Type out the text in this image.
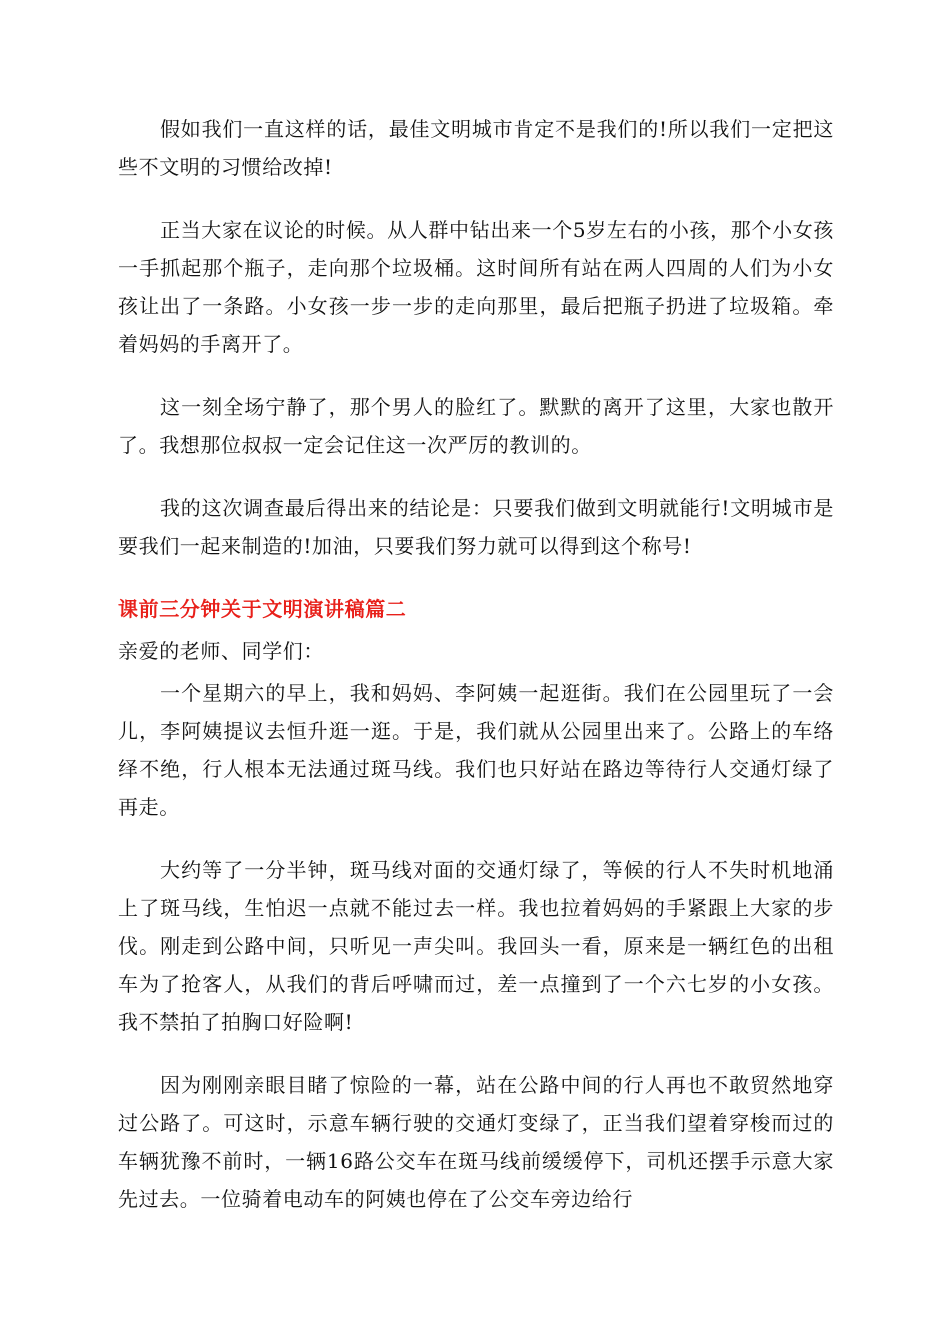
假如我们一直这样的话，最佳文明城市肯定不是我们的!所以我们一定把这些不文明的习惯给改掉!

正当大家在议论的时候。从人群中钻出来一个5岁左右的小孩，那个小女孩一手抓起那个瓶子，走向那个垃圾桶。这时间所有站在两人四周的人们为小女孩让出了一条路。小女孩一步一步的走向那里，最后把瓶子扔进了垃圾箱。牵着妈妈的手离开了。

这一刻全场宁静了，那个男人的脸红了。默默的离开了这里，大家也散开了。我想那位叔叔一定会记住这一次严厉的教训的。

我的这次调查最后得出来的结论是：只要我们做到文明就能行!文明城市是要我们一起来制造的!加油，只要我们努力就可以得到这个称号!

课前三分钟关于文明演讲稿篇二

亲爱的老师、同学们：

一个星期六的早上，我和妈妈、李阿姨一起逛街。我们在公园里玩了一会儿，李阿姨提议去恒升逛一逛。于是，我们就从公园里出来了。公路上的车络绎不绝，行人根本无法通过斑马线。我们也只好站在路边等待行人交通灯绿了再走。

大约等了一分半钟，斑马线对面的交通灯绿了，等候的行人不失时机地涌上了斑马线，生怕迟一点就不能过去一样。我也拉着妈妈的手紧跟上大家的步伐。刚走到公路中间，只听见一声尖叫。我回头一看，原来是一辆红色的出租车为了抢客人，从我们的背后呼啸而过，差一点撞到了一个六七岁的小女孩。我不禁拍了拍胸口好险啊!

因为刚刚亲眼目睹了惊险的一幕，站在公路中间的行人再也不敢贸然地穿过公路了。可这时，示意车辆行驶的交通灯变绿了，正当我们望着穿梭而过的车辆犹豫不前时，一辆16路公交车在斑马线前缓缓停下，司机还摆手示意大家先过去。一位骑着电动车的阿姨也停在了公交车旁边给行
